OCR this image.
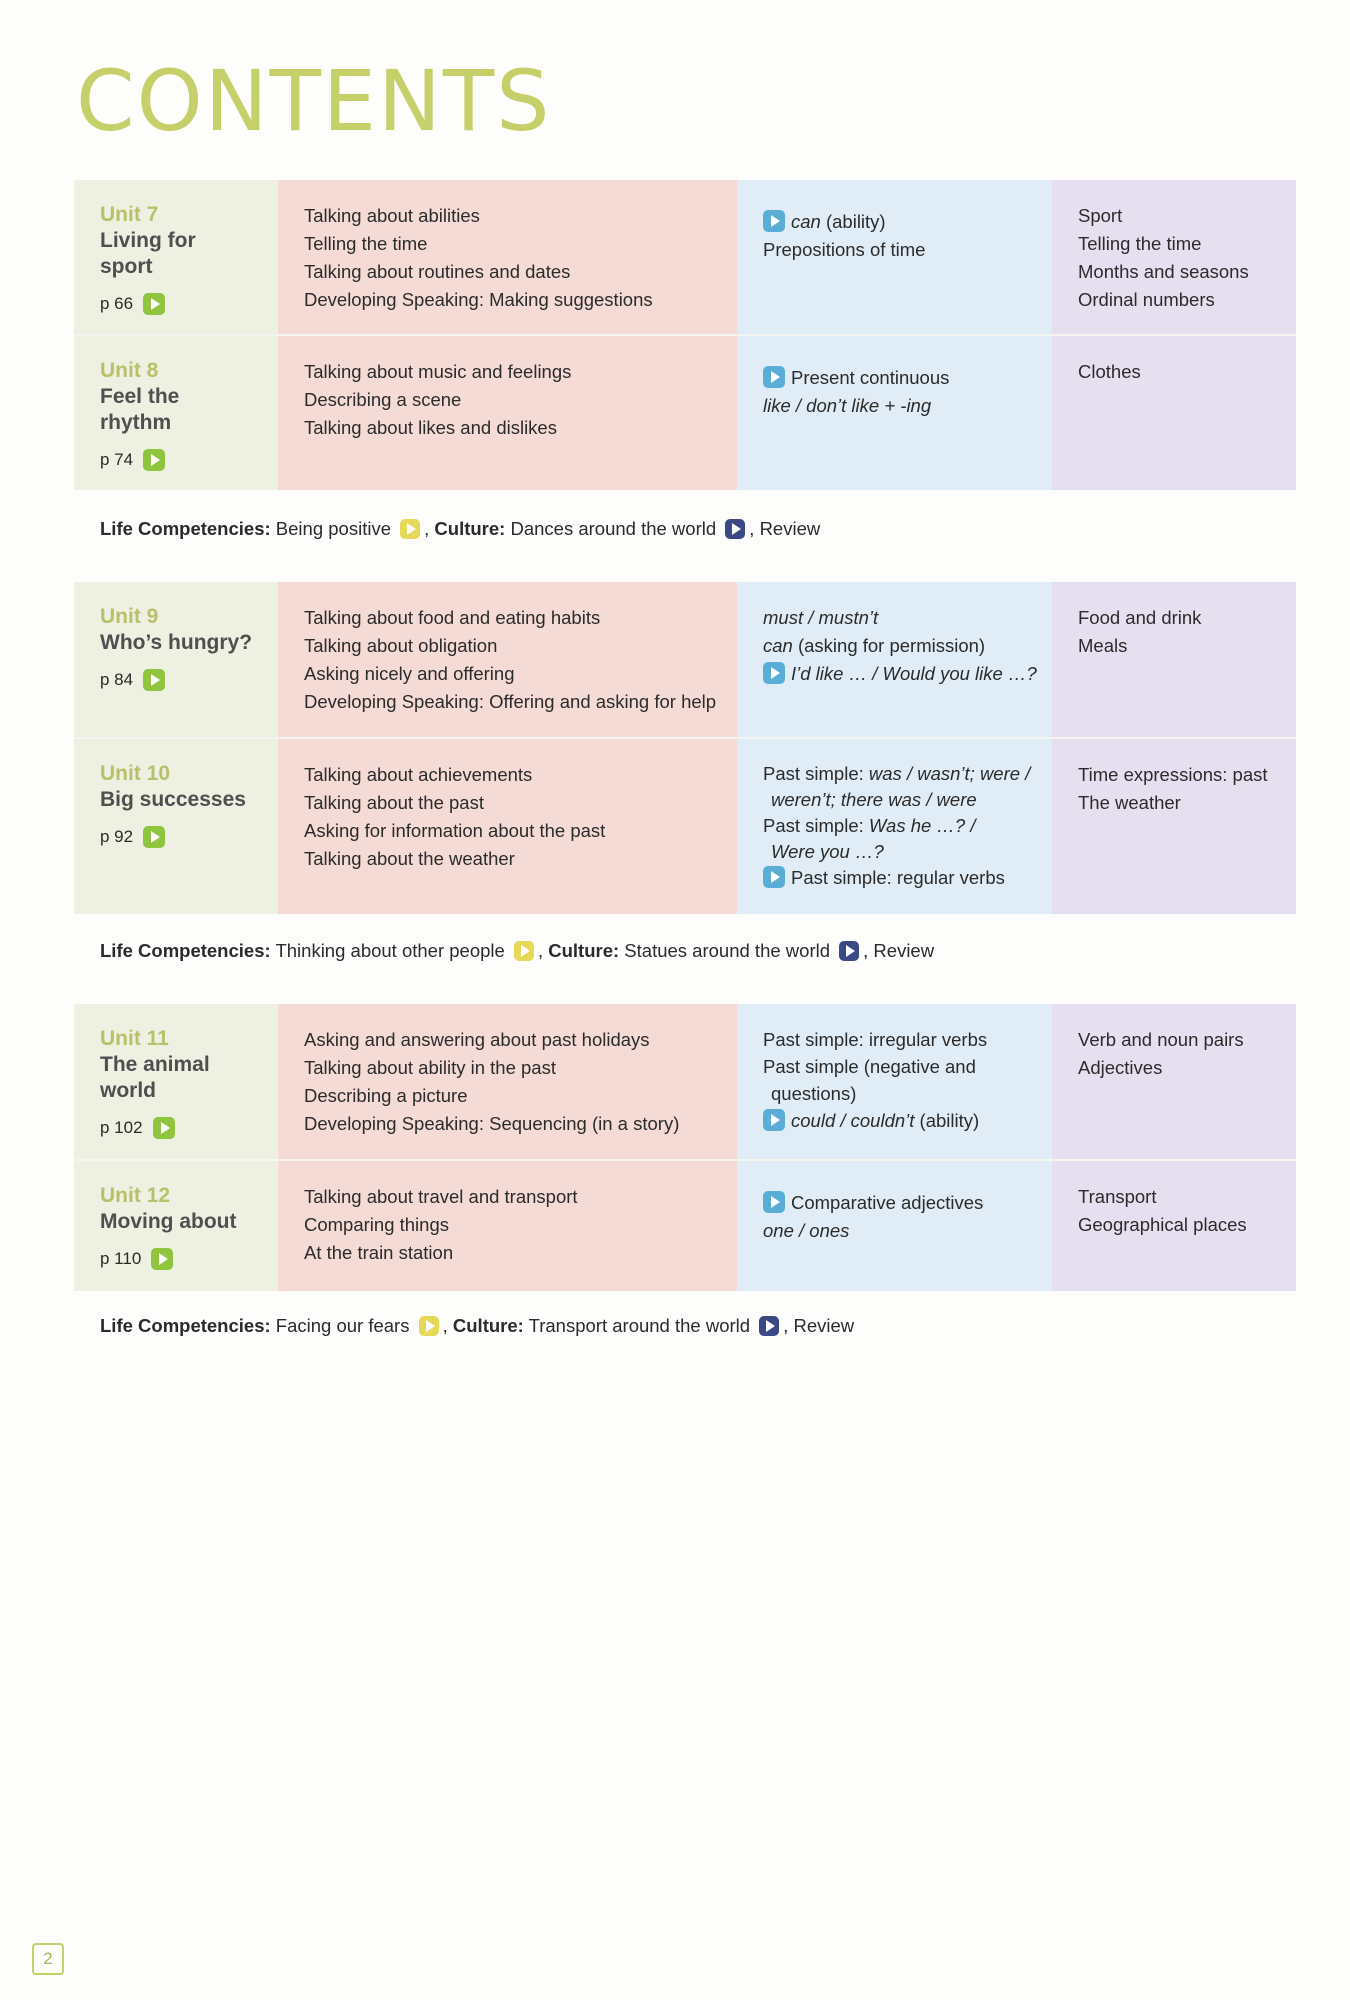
CONTENTS
Unit 7
Living for
sport
p 66
Talking about abilities
Telling the time
Talking about routines and dates
Developing Speaking: Making suggestions
can (ability)
Prepositions of time
Sport
Telling the time
Months and seasons
Ordinal numbers
Unit 8
Feel the
rhythm
p 74
Talking about music and feelings
Describing a scene
Talking about likes and dislikes
Present continuous
like / don’t like + -ing
Clothes
Life Competencies: Being positive , Culture: Dances around the world , Review
Unit 9
Who’s hungry?
p 84
Talking about food and eating habits
Talking about obligation
Asking nicely and offering
Developing Speaking: Offering and asking for help
must / mustn’t
can (asking for permission)
I’d like … / Would you like …?
Food and drink
Meals
Unit 10
Big successes
p 92
Talking about achievements
Talking about the past
Asking for information about the past
Talking about the weather
Past simple: was / wasn’t; were /
weren’t; there was / were
Past simple: Was he …? /
Were you …?
Past simple: regular verbs
Time expressions: past
The weather
Life Competencies: Thinking about other people , Culture: Statues around the world , Review
Unit 11
The animal
world
p 102
Asking and answering about past holidays
Talking about ability in the past
Describing a picture
Developing Speaking: Sequencing (in a story)
Past simple: irregular verbs
Past simple (negative and
questions)
could / couldn’t (ability)
Verb and noun pairs
Adjectives
Unit 12
Moving about
p 110
Talking about travel and transport
Comparing things
At the train station
Comparative adjectives
one / ones
Transport
Geographical places
Life Competencies: Facing our fears , Culture: Transport around the world , Review
2
